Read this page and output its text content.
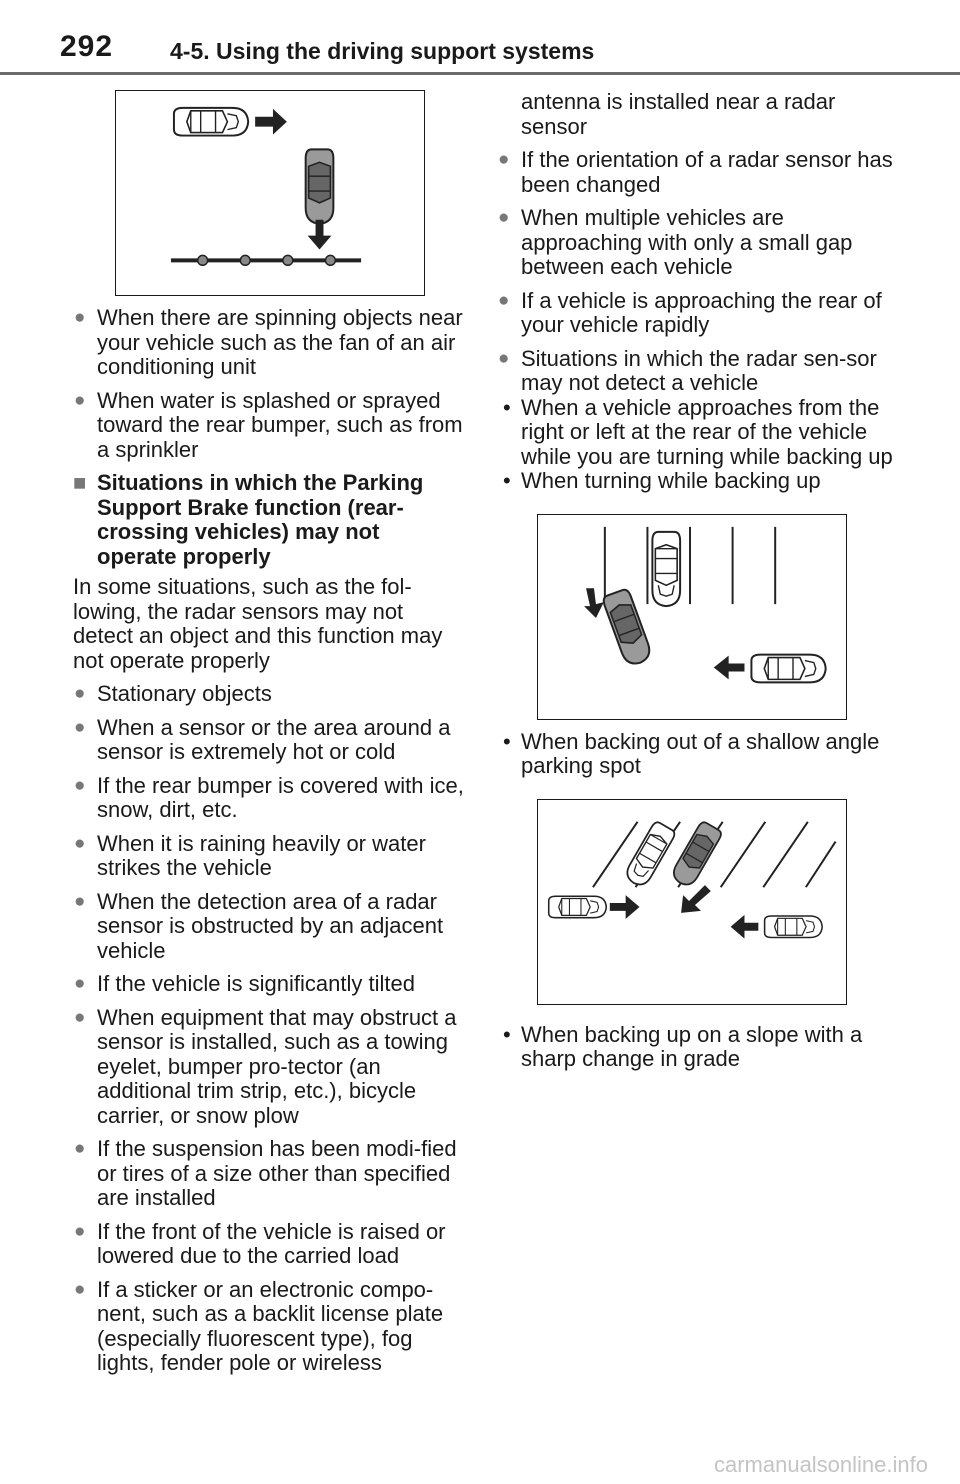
292 4-5. Using the driving support systems
● When there are spinning objects near your vehicle such as the fan of an air conditioning unit
● When water is splashed or sprayed toward the rear bumper, such as from a sprinkler
■ Situations in which the Parking Support Brake function (rear-crossing vehicles) may not operate properly
In some situations, such as the fol-lowing, the radar sensors may not detect an object and this function may not operate properly
● Stationary objects
● When a sensor or the area around a sensor is extremely hot or cold
● If the rear bumper is covered with ice, snow, dirt, etc.
● When it is raining heavily or water strikes the vehicle
● When the detection area of a radar sensor is obstructed by an adjacent vehicle
● If the vehicle is significantly tilted
● When equipment that may obstruct a sensor is installed, such as a towing eyelet, bumper pro-tector (an additional trim strip, etc.), bicycle carrier, or snow plow
● If the suspension has been modi-fied or tires of a size other than specified are installed
● If the front of the vehicle is raised or lowered due to the carried load
● If a sticker or an electronic compo-nent, such as a backlit license plate (especially fluorescent type), fog lights, fender pole or wireless
antenna is installed near a radar sensor
● If the orientation of a radar sensor has been changed
● When multiple vehicles are approaching with only a small gap between each vehicle
● If a vehicle is approaching the rear of your vehicle rapidly
● Situations in which the radar sen-sor may not detect a vehicle
• When a vehicle approaches from the right or left at the rear of the vehicle while you are turning while backing up
• When turning while backing up
• When backing out of a shallow angle parking spot
• When backing up on a slope with a sharp change in grade
carmanualsonline.info
